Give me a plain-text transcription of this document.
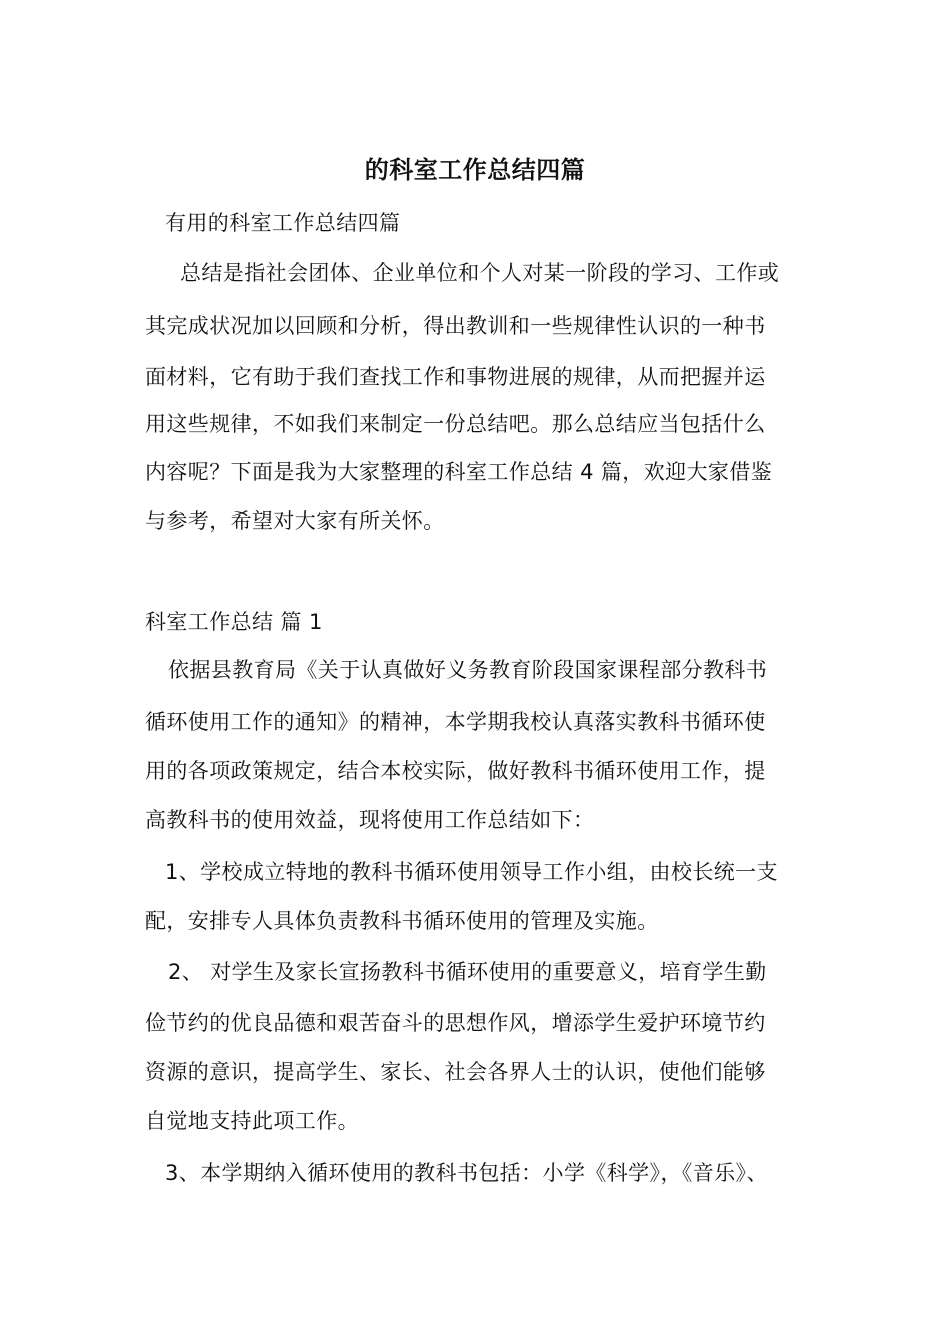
的科室工作总结四篇
有用的科室工作总结四篇
总结是指社会团体、企业单位和个人对某一阶段的学习、工作或
其完成状况加以回顾和分析，得出教训和一些规律性认识的一种书
面材料，它有助于我们查找工作和事物进展的规律，从而把握并运
用这些规律，不如我们来制定一份总结吧。那么总结应当包括什么
内容呢？下面是我为大家整理的科室工作总结 4 篇，欢迎大家借鉴
与参考，希望对大家有所关怀。
科室工作总结 篇 1
依据县教育局《关于认真做好义务教育阶段国家课程部分教科书
循环使用工作的通知》的精神，本学期我校认真落实教科书循环使
用的各项政策规定，结合本校实际，做好教科书循环使用工作，提
高教科书的使用效益，现将使用工作总结如下：
1、学校成立特地的教科书循环使用领导工作小组，由校长统一支
配，安排专人具体负责教科书循环使用的管理及实施。
2、 对学生及家长宣扬教科书循环使用的重要意义，培育学生勤
俭节约的优良品德和艰苦奋斗的思想作风，增添学生爱护环境节约
资源的意识，提高学生、家长、社会各界人士的认识，使他们能够
自觉地支持此项工作。
3、本学期纳入循环使用的教科书包括：小学《科学》，《音乐》、
